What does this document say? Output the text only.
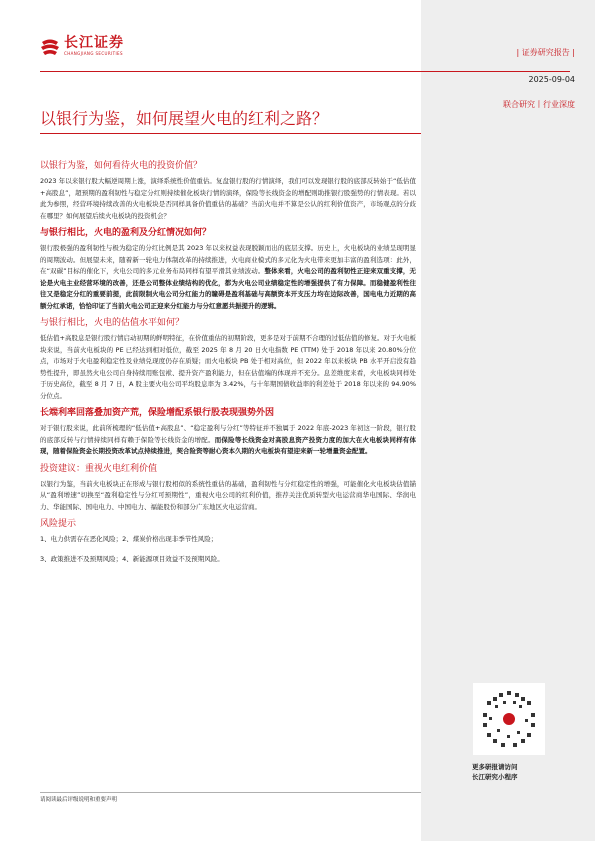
长江证券
CHANGJIANG SECURITIES	| 证券研究报告 |
2025-09-04
联合研究丨行业深度
以银行为鉴，如何展望火电的红利之路？
以银行为鉴，如何看待火电的投资价值？

2023 年以来银行股大幅逆周期上涨，演绎系统性价值重估。复盘银行股的行情演绎，我们可以发现银行股的底部反转始于“低估值+高股息”，超预期的盈利韧性与稳定分红则持续催化板块行情的演绎，保险等长线资金的增配则助推银行股强势的行情表现。若以此为参照，经营环境持续改善的火电板块是否同样具备价值重估的基础？当前火电并不算是公认的红利价值资产，市场观点的分歧在哪里？如何展望后续火电板块的投资机会？

与银行相比，火电的盈利及分红情况如何？

银行股极强的盈利韧性与极为稳定的分红比例是其 2023 年以来权益表现脱颖而出的底层支撑。历史上，火电板块的业绩呈现明显的周期波动。但展望未来，随着新一轮电力体制改革的持续推进，火电商业模式的多元化为火电带来更加丰富的盈利选项：此外，在“双碳”目标的催化下，火电公司的多元业务布局同样有望平滑其业绩波动。整体来看，火电公司的盈利韧性正迎来双重支撑，无论是火电主业经营环境的改善，还是公司整体业绩结构的优化，都为火电公司业绩稳定性的增强提供了有力保障。而稳健盈利性往往又是稳定分红的重要前提，此前限制火电公司分红能力的瞳碍是盈利基础与高额资本开支压力均在边际改善，国电电力近期的高额分红承诺，恰恰印证了当前火电公司正迎来分红能力与分红意愿共振提升的逻辑。

与银行相比，火电的估值水平如何？

低估值+高股息是银行股行情启动初期的鲜明特征，在价值重估的初期阶段，更多是对于前期不合理的过低估值的修复。对于火电板块来说，当前火电板块的 PE 已经达到相对低位，截至 2025 年 8 月 20 日火电指数 PE (TTM) 处于 2018 年以来 20.80%分位点，市场对于火电盈利稳定性及业绩兑现度仍存在质疑；而火电板块 PB 处于相对高位，但 2022 年以来板块 PB 水平开启没有趋势性提升，即虽然火电公司自身持续用账包袱、提升资产盈利能力，但在估值端的体现并不充分。息差维度来看，火电板块同样处于历史高位，截至 8 月 7 日，A 股主要火电公司平均股息率为 3.42%，与十年期国债收益率的利差处于 2018 年以来的 94.90%分位点。

长端利率回落叠加资产荒，保险增配系银行股表现强势外因

对于银行股来说，此前所梳理的“低估值+高股息”、“稳定盈利与分红”等特征并不独属于 2022 年底-2023 年初这一阶段，银行股的底部反转与行情持续同样有赖于保险等长线资金的增配。而保险等长线资金对高股息资产投资力度的加大在火电板块同样有体现，随着保险资金长期投资改革试点持续推进，契合险资等耐心资本久期的火电板块有望迎来新一轮增量资金配置。

投资建议：重视火电红利价值

以银行为鉴，当前火电板块正在形成与银行股相似的系统性重估的基础，盈利韧性与分红稳定性的增强，可能催化火电板块估值锚从“盈利增速”切换至“盈利稳定性与分红可预期性”，重视火电公司的红利价值，推荐关注优质转型火电运营商华电国际、华润电力、华能国际、国电电力、中国电力、福能股份和部分广东地区火电运营商。

风险提示
1、电力供需存在恶化风险；2、煤炭价格出现非季节性风险；
3、政策推进不及预期风险；4、新能源项目效益不及预期风险。
请阅读最后评级说明和重要声明
更多研报请访问
长江研究小程序
